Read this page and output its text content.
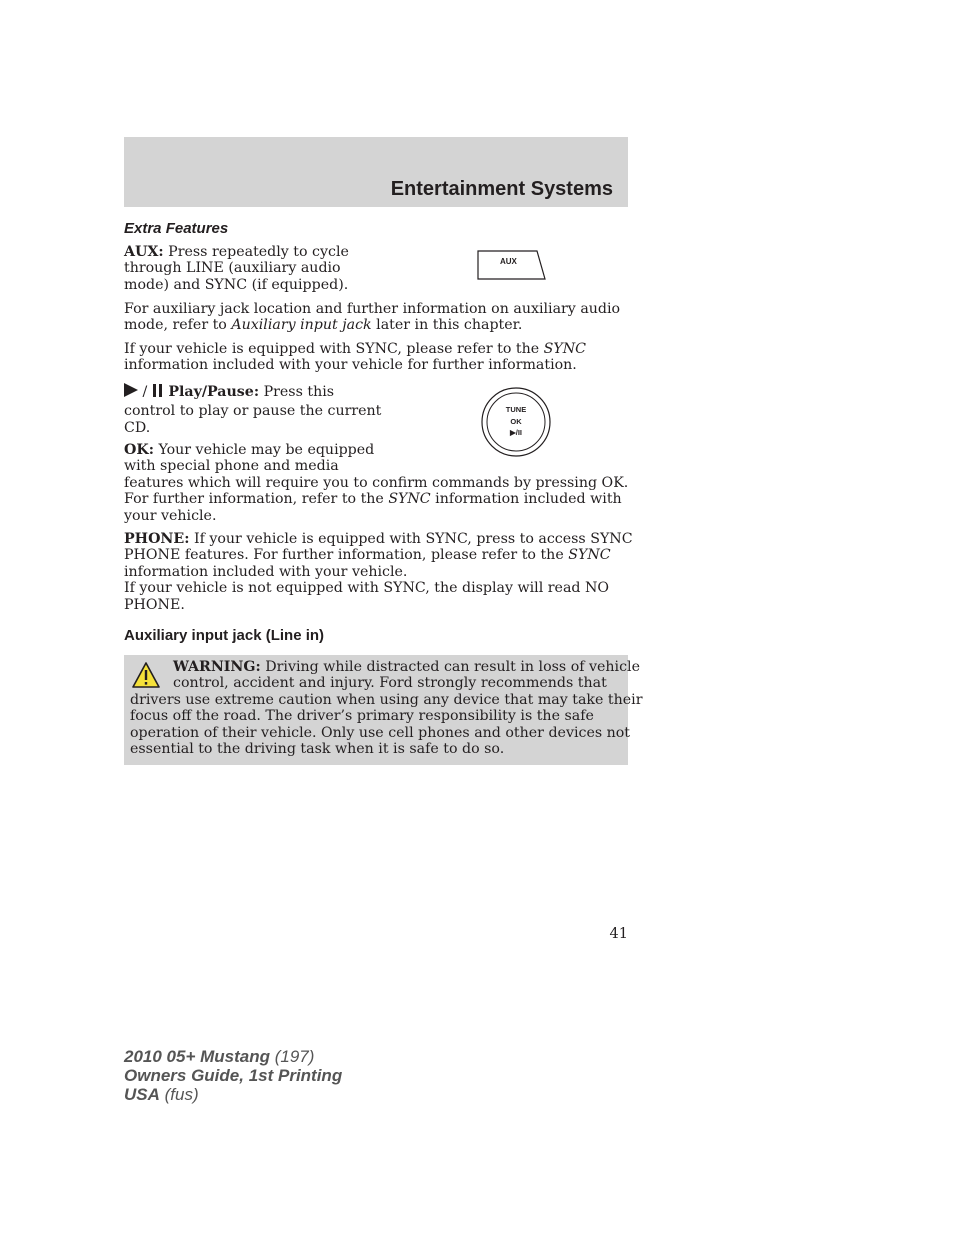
Entertainment Systems
Extra Features
AUX: Press repeatedly to cycle
through LINE (auxiliary audio
mode) and SYNC (if equipped).
AUX
For auxiliary jack location and further information on auxiliary audio
mode, refer to Auxiliary input jack later in this chapter.
If your vehicle is equipped with SYNC, please refer to the SYNC
information included with your vehicle for further information.
/ Play/Pause: Press this
control to play or pause the current
CD.
TUNE
OK
▶/II
OK: Your vehicle may be equipped
with special phone and media
features which will require you to confirm commands by pressing OK.
For further information, refer to the SYNC information included with
your vehicle.
PHONE: If your vehicle is equipped with SYNC, press to access SYNC
PHONE features. For further information, please refer to the SYNC
information included with your vehicle.
If your vehicle is not equipped with SYNC, the display will read NO
PHONE.
Auxiliary input jack (Line in)
WARNING: Driving while distracted can result in loss of vehicle
control, accident and injury. Ford strongly recommends that
drivers use extreme caution when using any device that may take their
focus off the road. The driver’s primary responsibility is the safe
operation of their vehicle. Only use cell phones and other devices not
essential to the driving task when it is safe to do so.
41
2010 05+ Mustang (197)
Owners Guide, 1st Printing
USA (fus)
